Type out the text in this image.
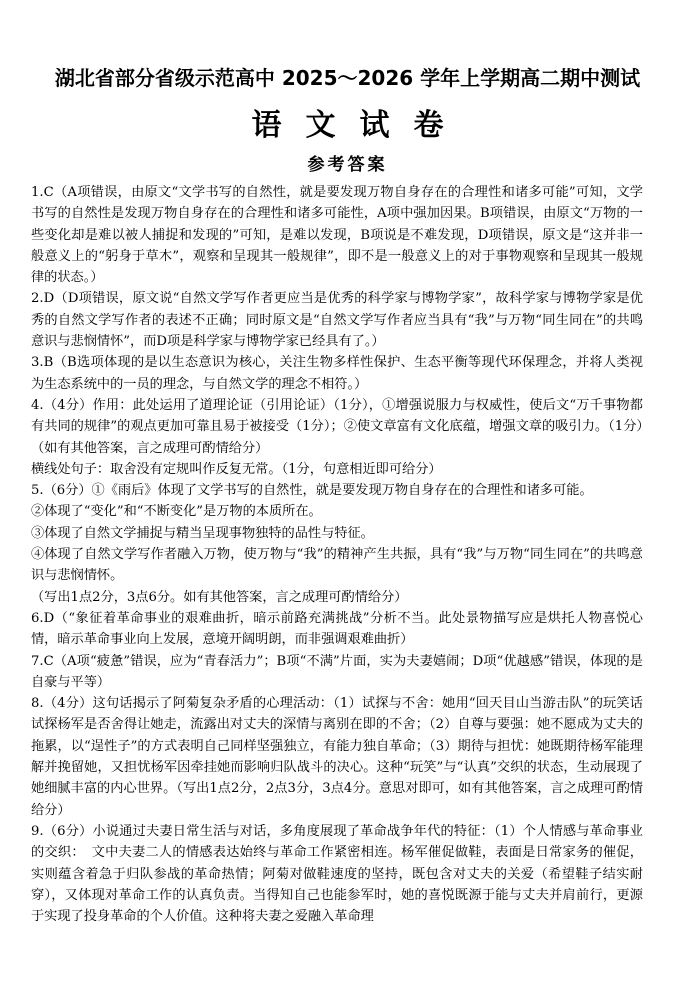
湖北省部分省级示范高中 2025～2026 学年上学期高二期中测试
语文试卷
参考答案

1.C（A项错误，由原文“文学书写的自然性，就是要发现万物自身存在的合理性和诸多可能”可知，文学书写的自然性是发现万物自身存在的合理性和诸多可能性，A项中强加因果。B项错误，由原文“万物的一些变化却是难以被人捕捉和发现的”可知，是难以发现，B项说是不难发现，D项错误，原文是“这并非一般意义上的“躬身于草木”，观察和呈现其一般规律”，即不是一般意义上的对于事物观察和呈现其一般规律的状态。）

2.D（D项错误，原文说“自然文学写作者更应当是优秀的科学家与博物学家”，故科学家与博物学家是优秀的自然文学写作者的表述不正确；同时原文是“自然文学写作者应当具有“我”与万物“同生同在”的共鸣意识与悲悯情怀”，而D项是科学家与博物学家已经具有了。）

3.B（B选项体现的是以生态意识为核心，关注生物多样性保护、生态平衡等现代环保理念，并将人类视为生态系统中的一员的理念，与自然文学的理念不相符。）

4.（4分）作用：此处运用了道理论证（引用论证）（1分），①增强说服力与权威性，使后文“万千事物都有共同的规律”的观点更加可靠且易于被接受（1分）；②使文章富有文化底蕴，增强文章的吸引力。（1分）（如有其他答案，言之成理可酌情给分）

横线处句子：取舍没有定规叫作反复无常。（1分，句意相近即可给分）

5.（6分）①《雨后》体现了文学书写的自然性，就是要发现万物自身存在的合理性和诸多可能。

②体现了“变化”和“不断变化”是万物的本质所在。

③体现了自然文学捕捉与精当呈现事物独特的品性与特征。

④体现了自然文学写作者融入万物，使万物与“我”的精神产生共振，具有“我”与万物“同生同在”的共鸣意识与悲悯情怀。

（写出1点2分，3点6分。如有其他答案，言之成理可酌情给分）

6.D（“象征着革命事业的艰难曲折，暗示前路充满挑战”分析不当。此处景物描写应是烘托人物喜悦心情，暗示革命事业向上发展，意境开阔明朗，而非强调艰难曲折）

7.C（A项“疲惫”错误，应为“青春活力”；B项“不满”片面，实为夫妻嬉闹；D项“优越感”错误，体现的是自豪与平等）

8.（4分）这句话揭示了阿菊复杂矛盾的心理活动：（1）试探与不舍：她用“回天目山当游击队”的玩笑话试探杨军是否舍得让她走，流露出对丈夫的深情与离别在即的不舍；（2）自尊与要强：她不愿成为丈夫的拖累，以“逞性子”的方式表明自己同样坚强独立，有能力独自革命；（3）期待与担忧：她既期待杨军能理解并挽留她，又担忧杨军因牵挂她而影响归队战斗的决心。这种“玩笑”与“认真”交织的状态，生动展现了她细腻丰富的内心世界。（写出1点2分，2点3分，3点4分。意思对即可，如有其他答案，言之成理可酌情给分）

9.（6分）小说通过夫妻日常生活与对话，多角度展现了革命战争年代的特征：（1）个人情感与革命事业的交织：　文中夫妻二人的情感表达始终与革命工作紧密相连。杨军催促做鞋，表面是日常家务的催促，实则蕴含着急于归队参战的革命热情；阿菊对做鞋速度的坚持，既包含对丈夫的关爱（希望鞋子结实耐穿），又体现对革命工作的认真负责。当得知自己也能参军时，她的喜悦既源于能与丈夫并肩前行，更源于实现了投身革命的个人价值。这种将夫妻之爱融入革命理
